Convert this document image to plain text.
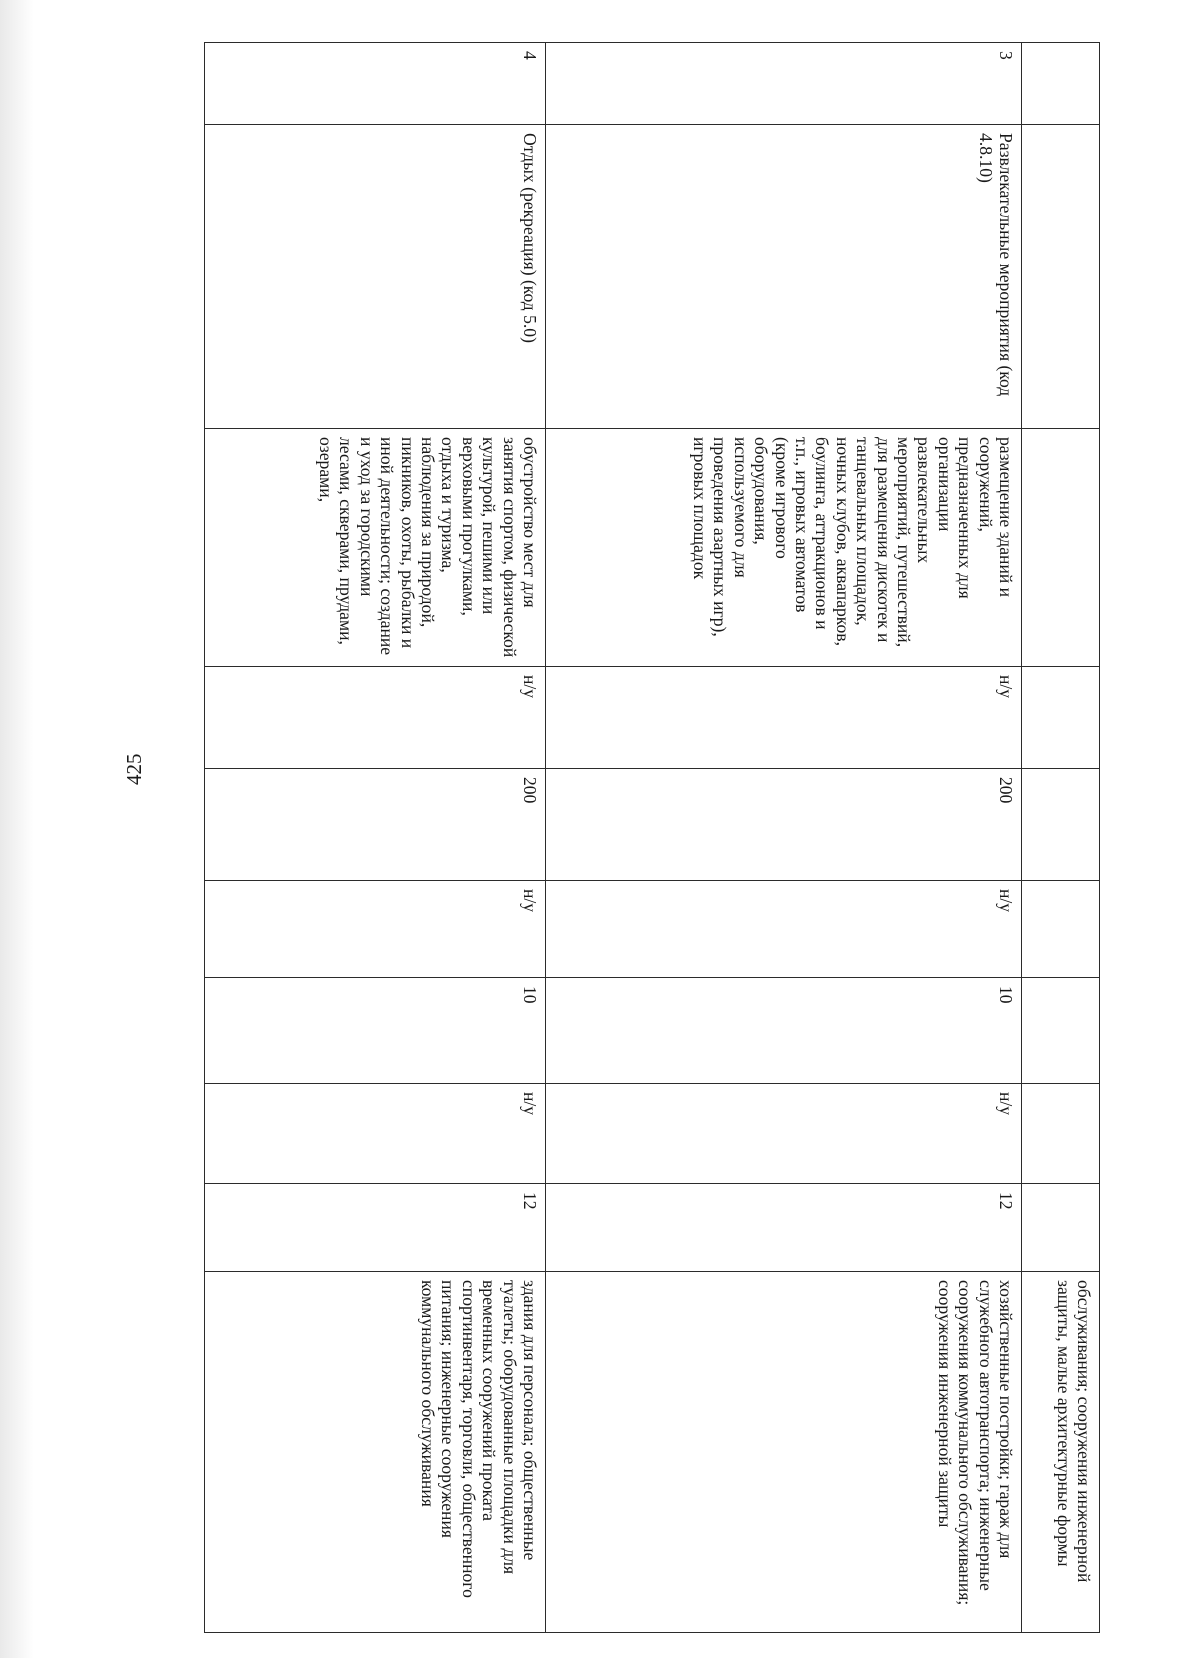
425
									обслуживания; сооружения инженерной защиты, малые архитектурные формы
3	Развлекательные мероприятия (код 4.8.10)	размещение зданий и сооружений, предназначенных для организации развлекательных мероприятий, путешествий, для размещения дискотек и танцевальных площадок, ночных клубов, аквапарков, боулинга, аттракционов и т.п., игровых автоматов (кроме игрового оборудования, используемого для проведения азартных игр), игровых площадок	н/у	200	н/у	10	н/у	12	хозяйственные постройки; гараж для служебного автотранспорта; инженерные сооружения коммунального обслуживания; сооружения инженерной защиты
4	Отдых (рекреация) (код 5.0)	обустройство мест для занятия спортом, физической культурой, пешими или верховыми прогулками, отдыха и туризма, наблюдения за природой, пикников, охоты, рыбалки и иной деятельности; создание и уход за городскими лесами, скверами, прудами, озерами,	н/у	200	н/у	10	н/у	12	здания для персонала; общественные туалеты; оборудованные площадки для временных сооружений проката спортинвентаря, торговли, общественного питания; инженерные сооружения коммунального обслуживания
